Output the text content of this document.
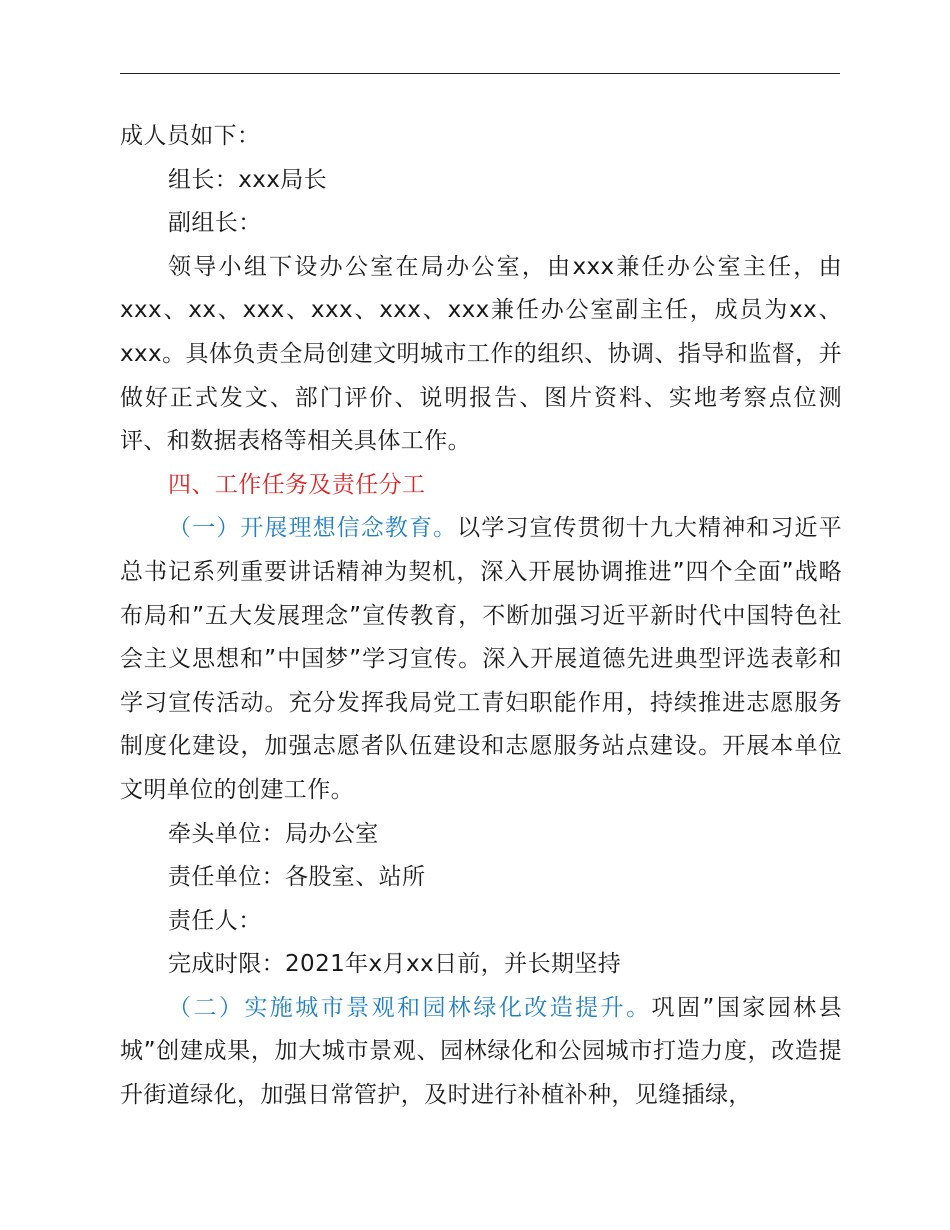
成人员如下：

组长：xxx局长

副组长：

领导小组下设办公室在局办公室，由xxx兼任办公室主任，由xxx、xx、xxx、xxx、xxx、xxx兼任办公室副主任，成员为xx、xxx。具体负责全局创建文明城市工作的组织、协调、指导和监督，并做好正式发文、部门评价、说明报告、图片资料、实地考察点位测评、和数据表格等相关具体工作。

四、工作任务及责任分工

（一）开展理想信念教育。以学习宣传贯彻十九大精神和习近平总书记系列重要讲话精神为契机，深入开展协调推进”四个全面”战略布局和”五大发展理念”宣传教育，不断加强习近平新时代中国特色社会主义思想和”中国梦”学习宣传。深入开展道德先进典型评选表彰和学习宣传活动。充分发挥我局党工青妇职能作用，持续推进志愿服务制度化建设，加强志愿者队伍建设和志愿服务站点建设。开展本单位文明单位的创建工作。

牵头单位：局办公室

责任单位：各股室、站所

责任人：

完成时限：2021年x月xx日前，并长期坚持

（二）实施城市景观和园林绿化改造提升。巩固”国家园林县城”创建成果，加大城市景观、园林绿化和公园城市打造力度，改造提升街道绿化，加强日常管护，及时进行补植补种，见缝插绿，
